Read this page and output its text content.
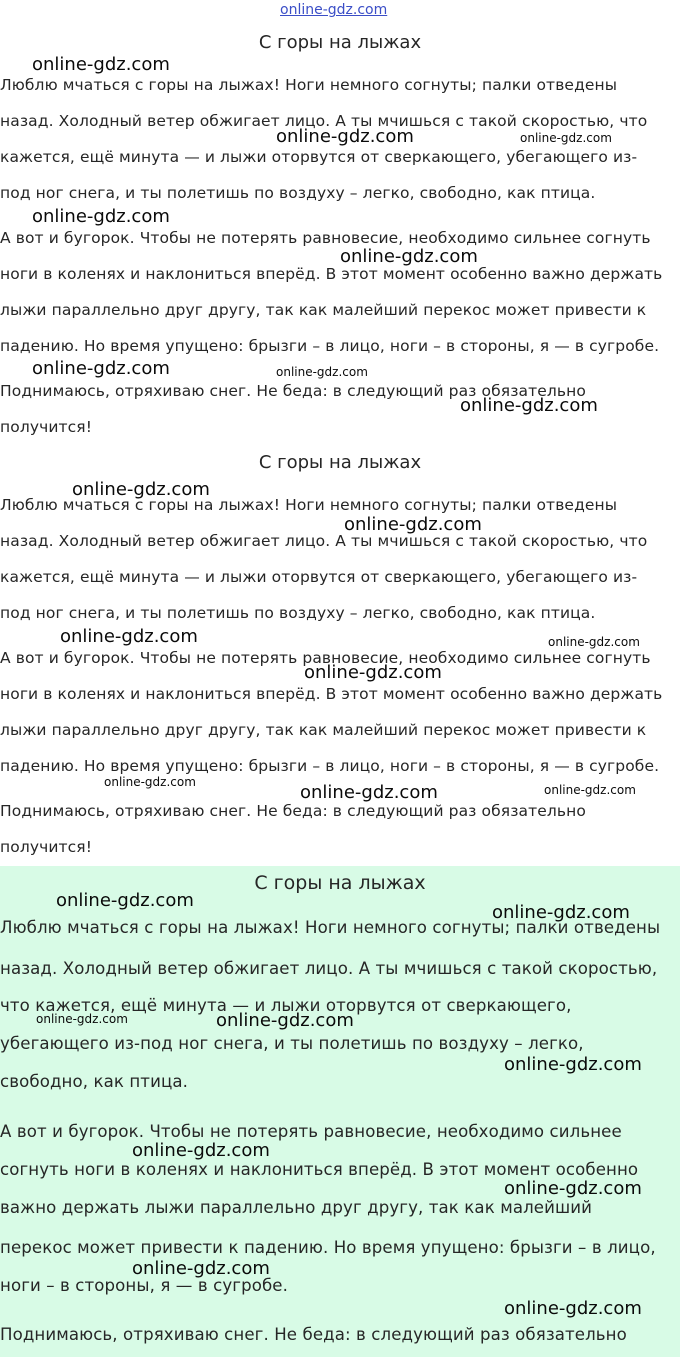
online-gdz.com
С горы на лыжах
Люблю мчаться с горы на лыжах! Ноги немного согнуты; палки отведены
назад. Холодный ветер обжигает лицо. А ты мчишься с такой скоростью, что
кажется, ещё минута — и лыжи оторвутся от сверкающего, убегающего из-
под ног снега, и ты полетишь по воздуху – легко, свободно, как птица.
А вот и бугорок. Чтобы не потерять равновесие, необходимо сильнее согнуть
ноги в коленях и наклониться вперёд. В этот момент особенно важно держать
лыжи параллельно друг другу, так как малейший перекос может привести к
падению. Но время упущено: брызги – в лицо, ноги – в стороны, я — в сугробе.
Поднимаюсь, отряхиваю снег. Не беда: в следующий раз обязательно
получится!
С горы на лыжах
Люблю мчаться с горы на лыжах! Ноги немного согнуты; палки отведены
назад. Холодный ветер обжигает лицо. А ты мчишься с такой скоростью, что
кажется, ещё минута — и лыжи оторвутся от сверкающего, убегающего из-
под ног снега, и ты полетишь по воздуху – легко, свободно, как птица.
А вот и бугорок. Чтобы не потерять равновесие, необходимо сильнее согнуть
ноги в коленях и наклониться вперёд. В этот момент особенно важно держать
лыжи параллельно друг другу, так как малейший перекос может привести к
падению. Но время упущено: брызги – в лицо, ноги – в стороны, я — в сугробе.
Поднимаюсь, отряхиваю снег. Не беда: в следующий раз обязательно
получится!
С горы на лыжах
Люблю мчаться с горы на лыжах! Ноги немного согнуты; палки отведены
назад. Холодный ветер обжигает лицо. А ты мчишься с такой скоростью,
что кажется, ещё минута — и лыжи оторвутся от сверкающего,
убегающего из-под ног снега, и ты полетишь по воздуху – легко,
свободно, как птица.
А вот и бугорок. Чтобы не потерять равновесие, необходимо сильнее
согнуть ноги в коленях и наклониться вперёд. В этот момент особенно
важно держать лыжи параллельно друг другу, так как малейший
перекос может привести к падению. Но время упущено: брызги – в лицо,
ноги – в стороны, я — в сугробе.
Поднимаюсь, отряхиваю снег. Не беда: в следующий раз обязательно
online-gdz.com
online-gdz.com	online-gdz.com
online-gdz.com
online-gdz.com
online-gdz.com	online-gdz.com
online-gdz.com
online-gdz.com
online-gdz.com
online-gdz.com	online-gdz.com
online-gdz.com
online-gdz.com	online-gdz.com	online-gdz.com
online-gdz.com
online-gdz.com
online-gdz.com
online-gdz.com
online-gdz.com
online-gdz.com
online-gdz.com
online-gdz.com
online-gdz.com
